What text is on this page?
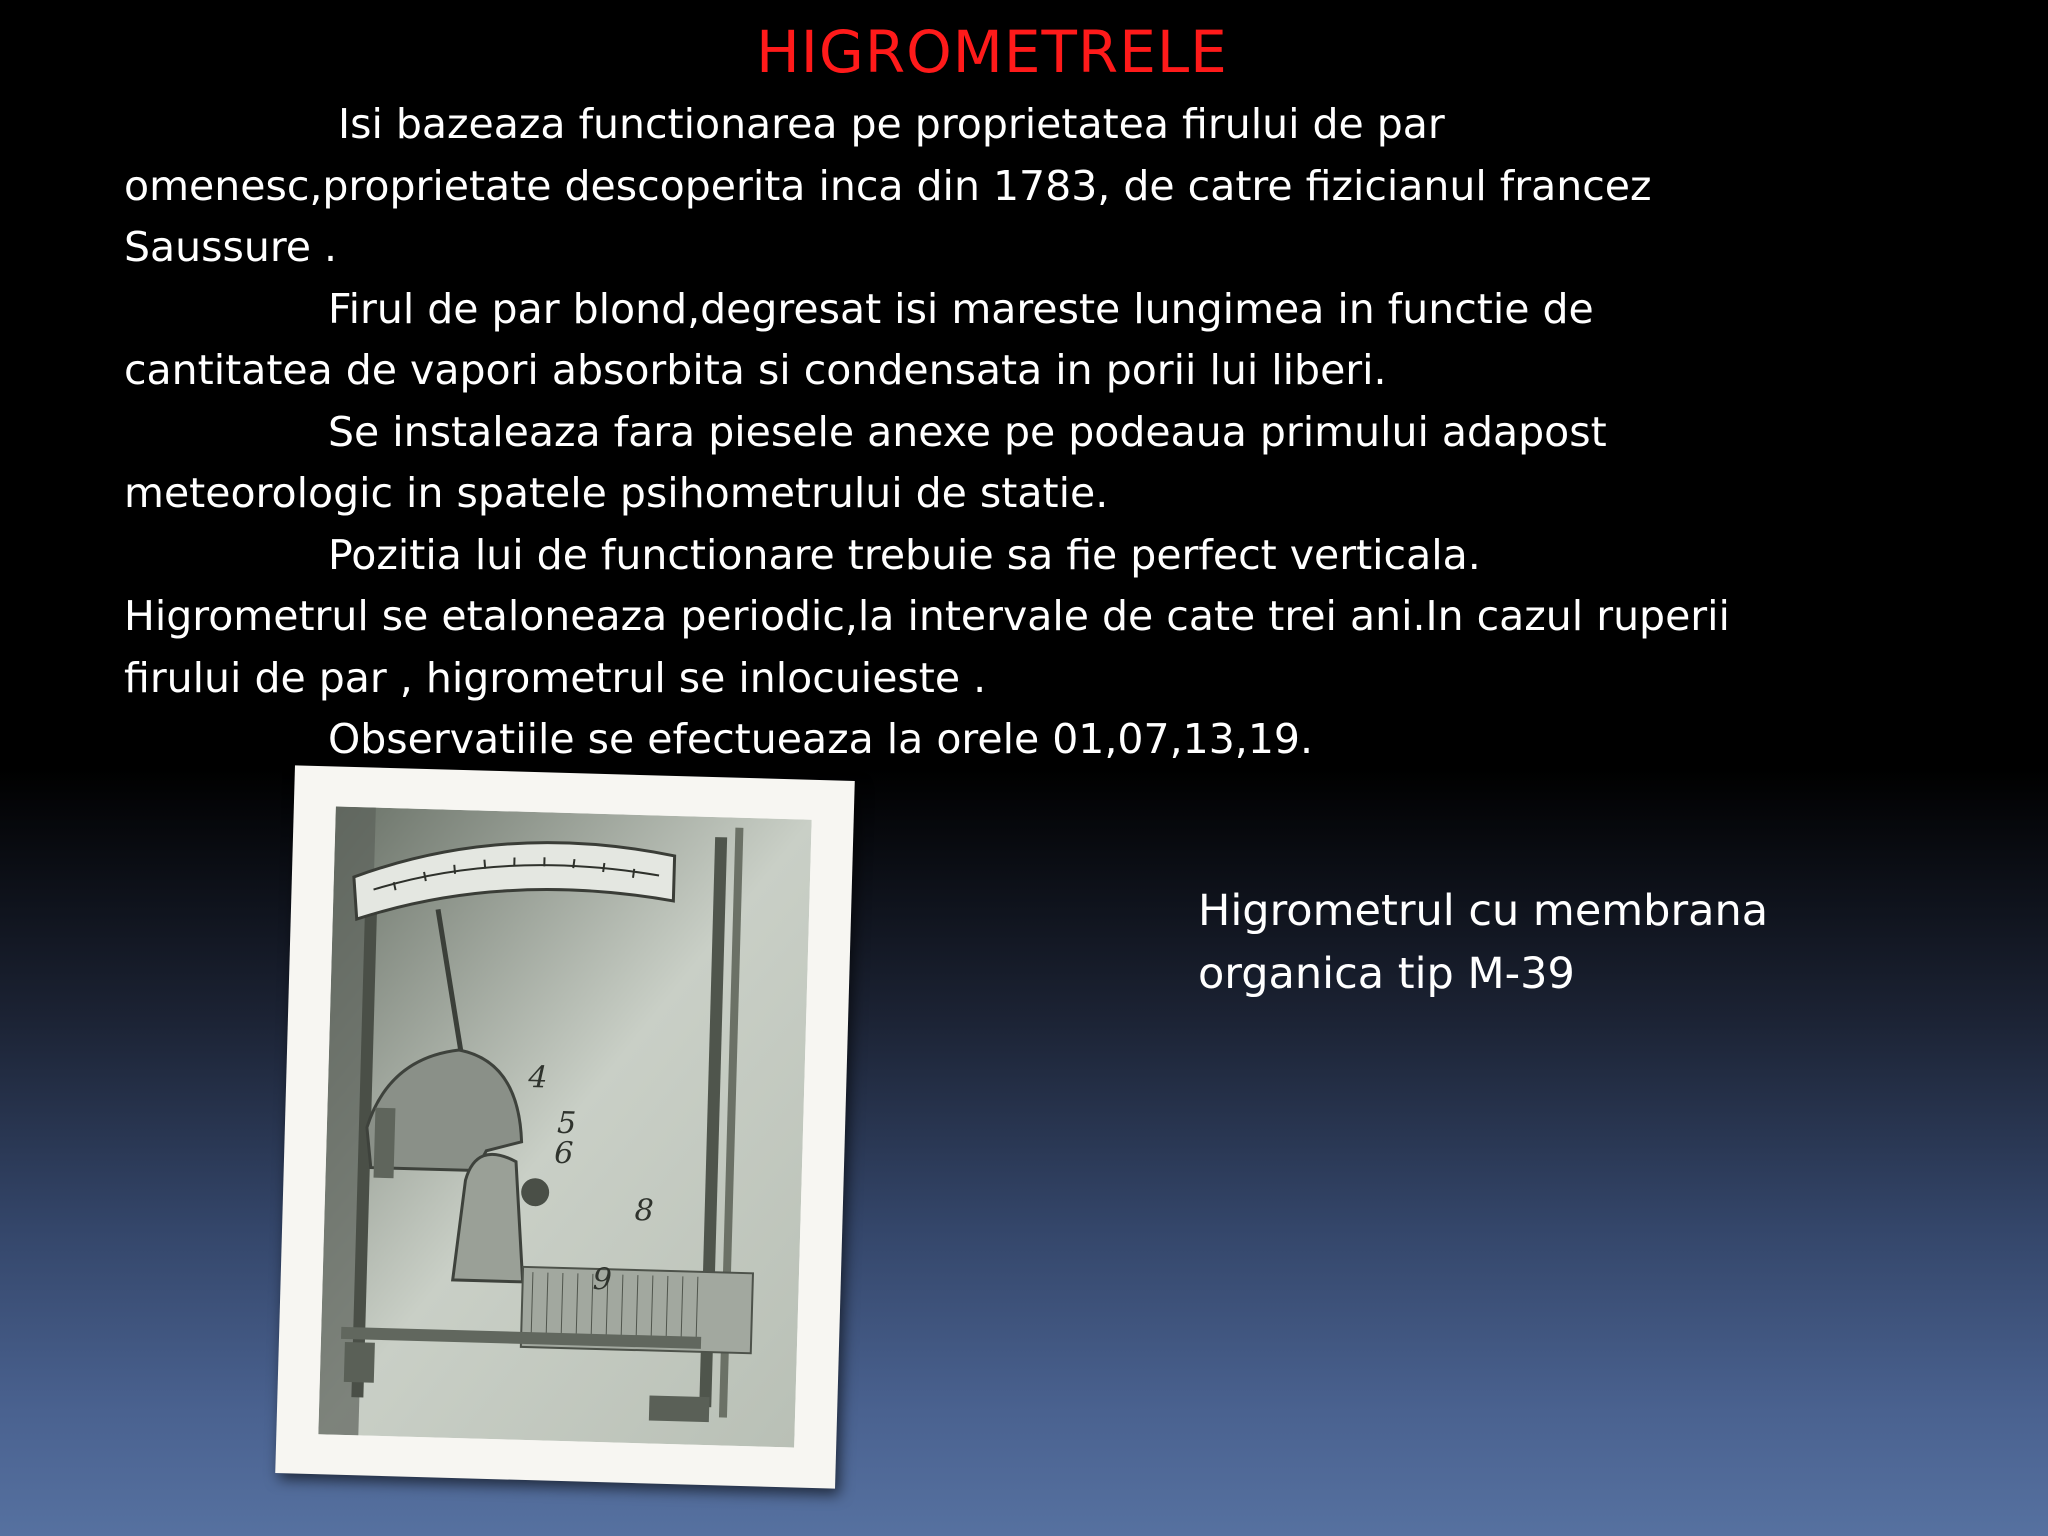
HIGROMETRELE

Isi bazeaza functionarea pe proprietatea firului de par

omenesc,proprietate descoperita inca din 1783, de catre fizicianul francez

Saussure .

Firul de par blond,degresat isi mareste lungimea in functie de

cantitatea de vapori absorbita si condensata in porii lui liberi.

Se instaleaza fara piesele anexe pe podeaua primului adapost

meteorologic in spatele psihometrului de statie.

Pozitia lui de functionare trebuie sa fie perfect verticala.

Higrometrul se etaloneaza periodic,la intervale de cate trei ani.In cazul ruperii

firului de par , higrometrul se inlocuieste .

Observatiile se efectueaza la orele 01,07,13,19.

4
5
6
8
9
Higrometrul cu membrana
organica tip M-39
